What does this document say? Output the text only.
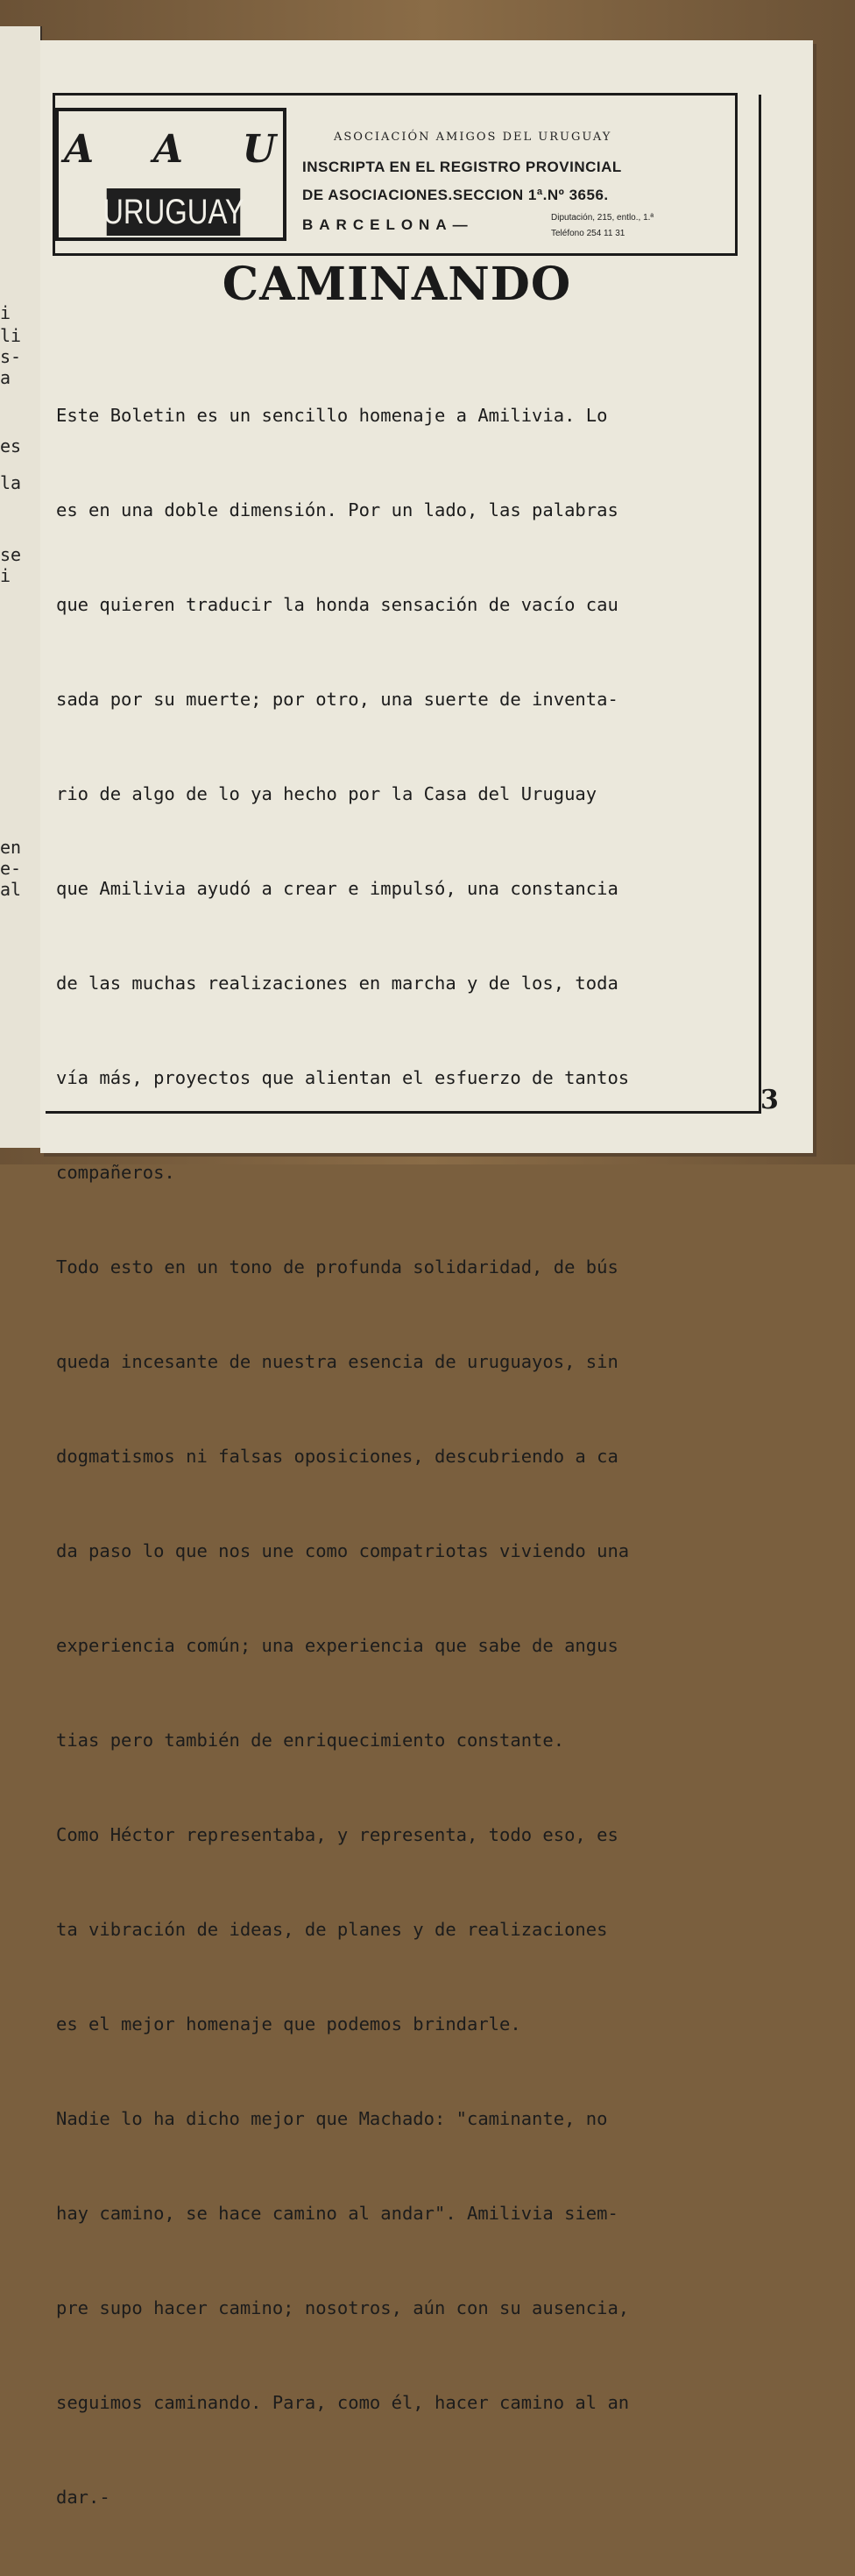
i
li
s-
a
es
la
se
i
en
e-
al
A A U
URUGUAY
ASOCIACIÓN AMIGOS DEL URUGUAY
INSCRIPTA EN EL REGISTRO PROVINCIAL
DE ASOCIACIONES.SECCION 1ª.Nº 3656.
BARCELONA—	Diputación, 215, entlo., 1.ª
Teléfono 254 11 31
CAMINANDO

Este Boletin es un sencillo homenaje a Amilivia. Lo

es en una doble dimensión. Por un lado, las palabras

que quieren traducir la honda sensación de vacío cau

sada por su muerte; por otro, una suerte de inventa-

rio de algo de lo ya hecho por la Casa del Uruguay

que Amilivia ayudó a crear e impulsó, una constancia

de las muchas realizaciones en marcha y de los, toda

vía más, proyectos que alientan el esfuerzo de tantos

compañeros.

Todo esto en un tono de profunda solidaridad, de bús

queda incesante de nuestra esencia de uruguayos, sin

dogmatismos ni falsas oposiciones, descubriendo a ca

da paso lo que nos une como compatriotas viviendo una

experiencia común; una experiencia que sabe de angus

tias pero también de enriquecimiento constante.

Como Héctor representaba, y representa, todo eso, es

ta vibración de ideas, de planes y de realizaciones

es el mejor homenaje que podemos brindarle.

Nadie lo ha dicho mejor que Machado: "caminante, no

hay camino, se hace camino al andar". Amilivia siem-

pre supo hacer camino; nosotros, aún con su ausencia,

seguimos caminando. Para, como él, hacer camino al an

dar.-

3
